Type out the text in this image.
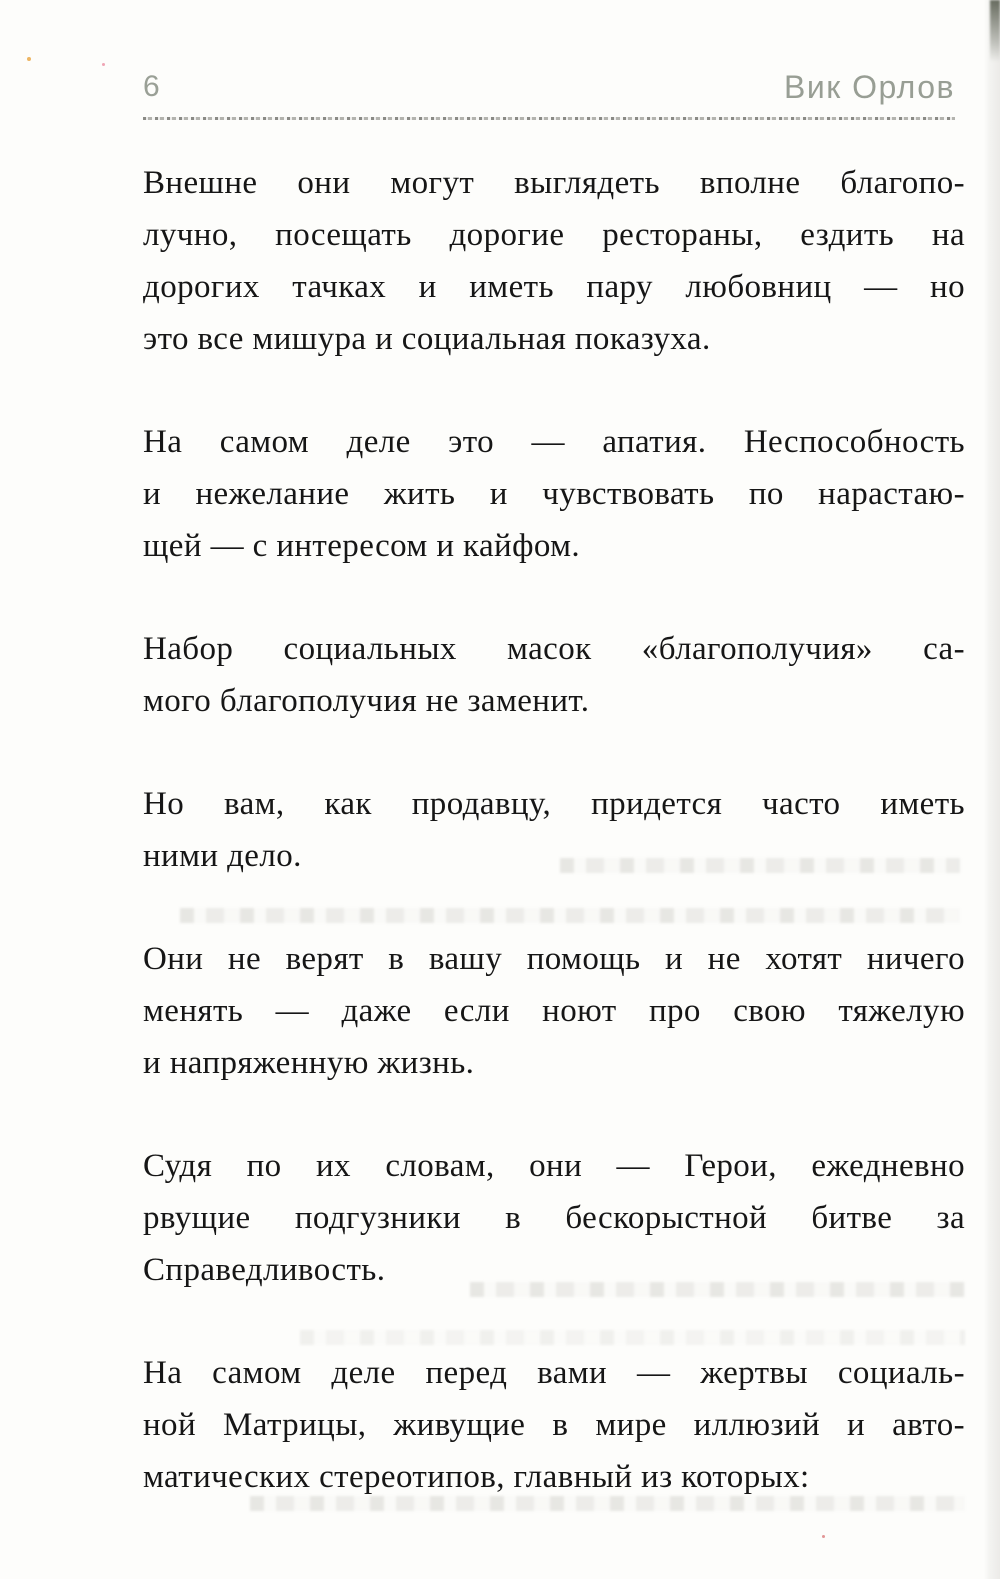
6	Вик Орлов

Внешне они могут выглядеть вполне благопо-
лучно, посещать дорогие рестораны, ездить на
дорогих тачках и иметь пару любовниц — но
это все мишура и социальная показуха.

На самом деле это — апатия. Неспособность
и нежелание жить и чувствовать по нарастаю-
щей — с интересом и кайфом.

Набор социальных масок «благополучия» са-
мого благополучия не заменит.

Но вам, как продавцу, придется часто иметь
ними дело.

Они не верят в вашу помощь и не хотят ничего
менять — даже если ноют про свою тяжелую
и напряженную жизнь.

Судя по их словам, они — Герои, ежедневно
рвущие подгузники в бескорыстной битве за
Справедливость.

На самом деле перед вами — жертвы социаль-
ной Матрицы, живущие в мире иллюзий и авто-
матических стереотипов, главный из которых:
